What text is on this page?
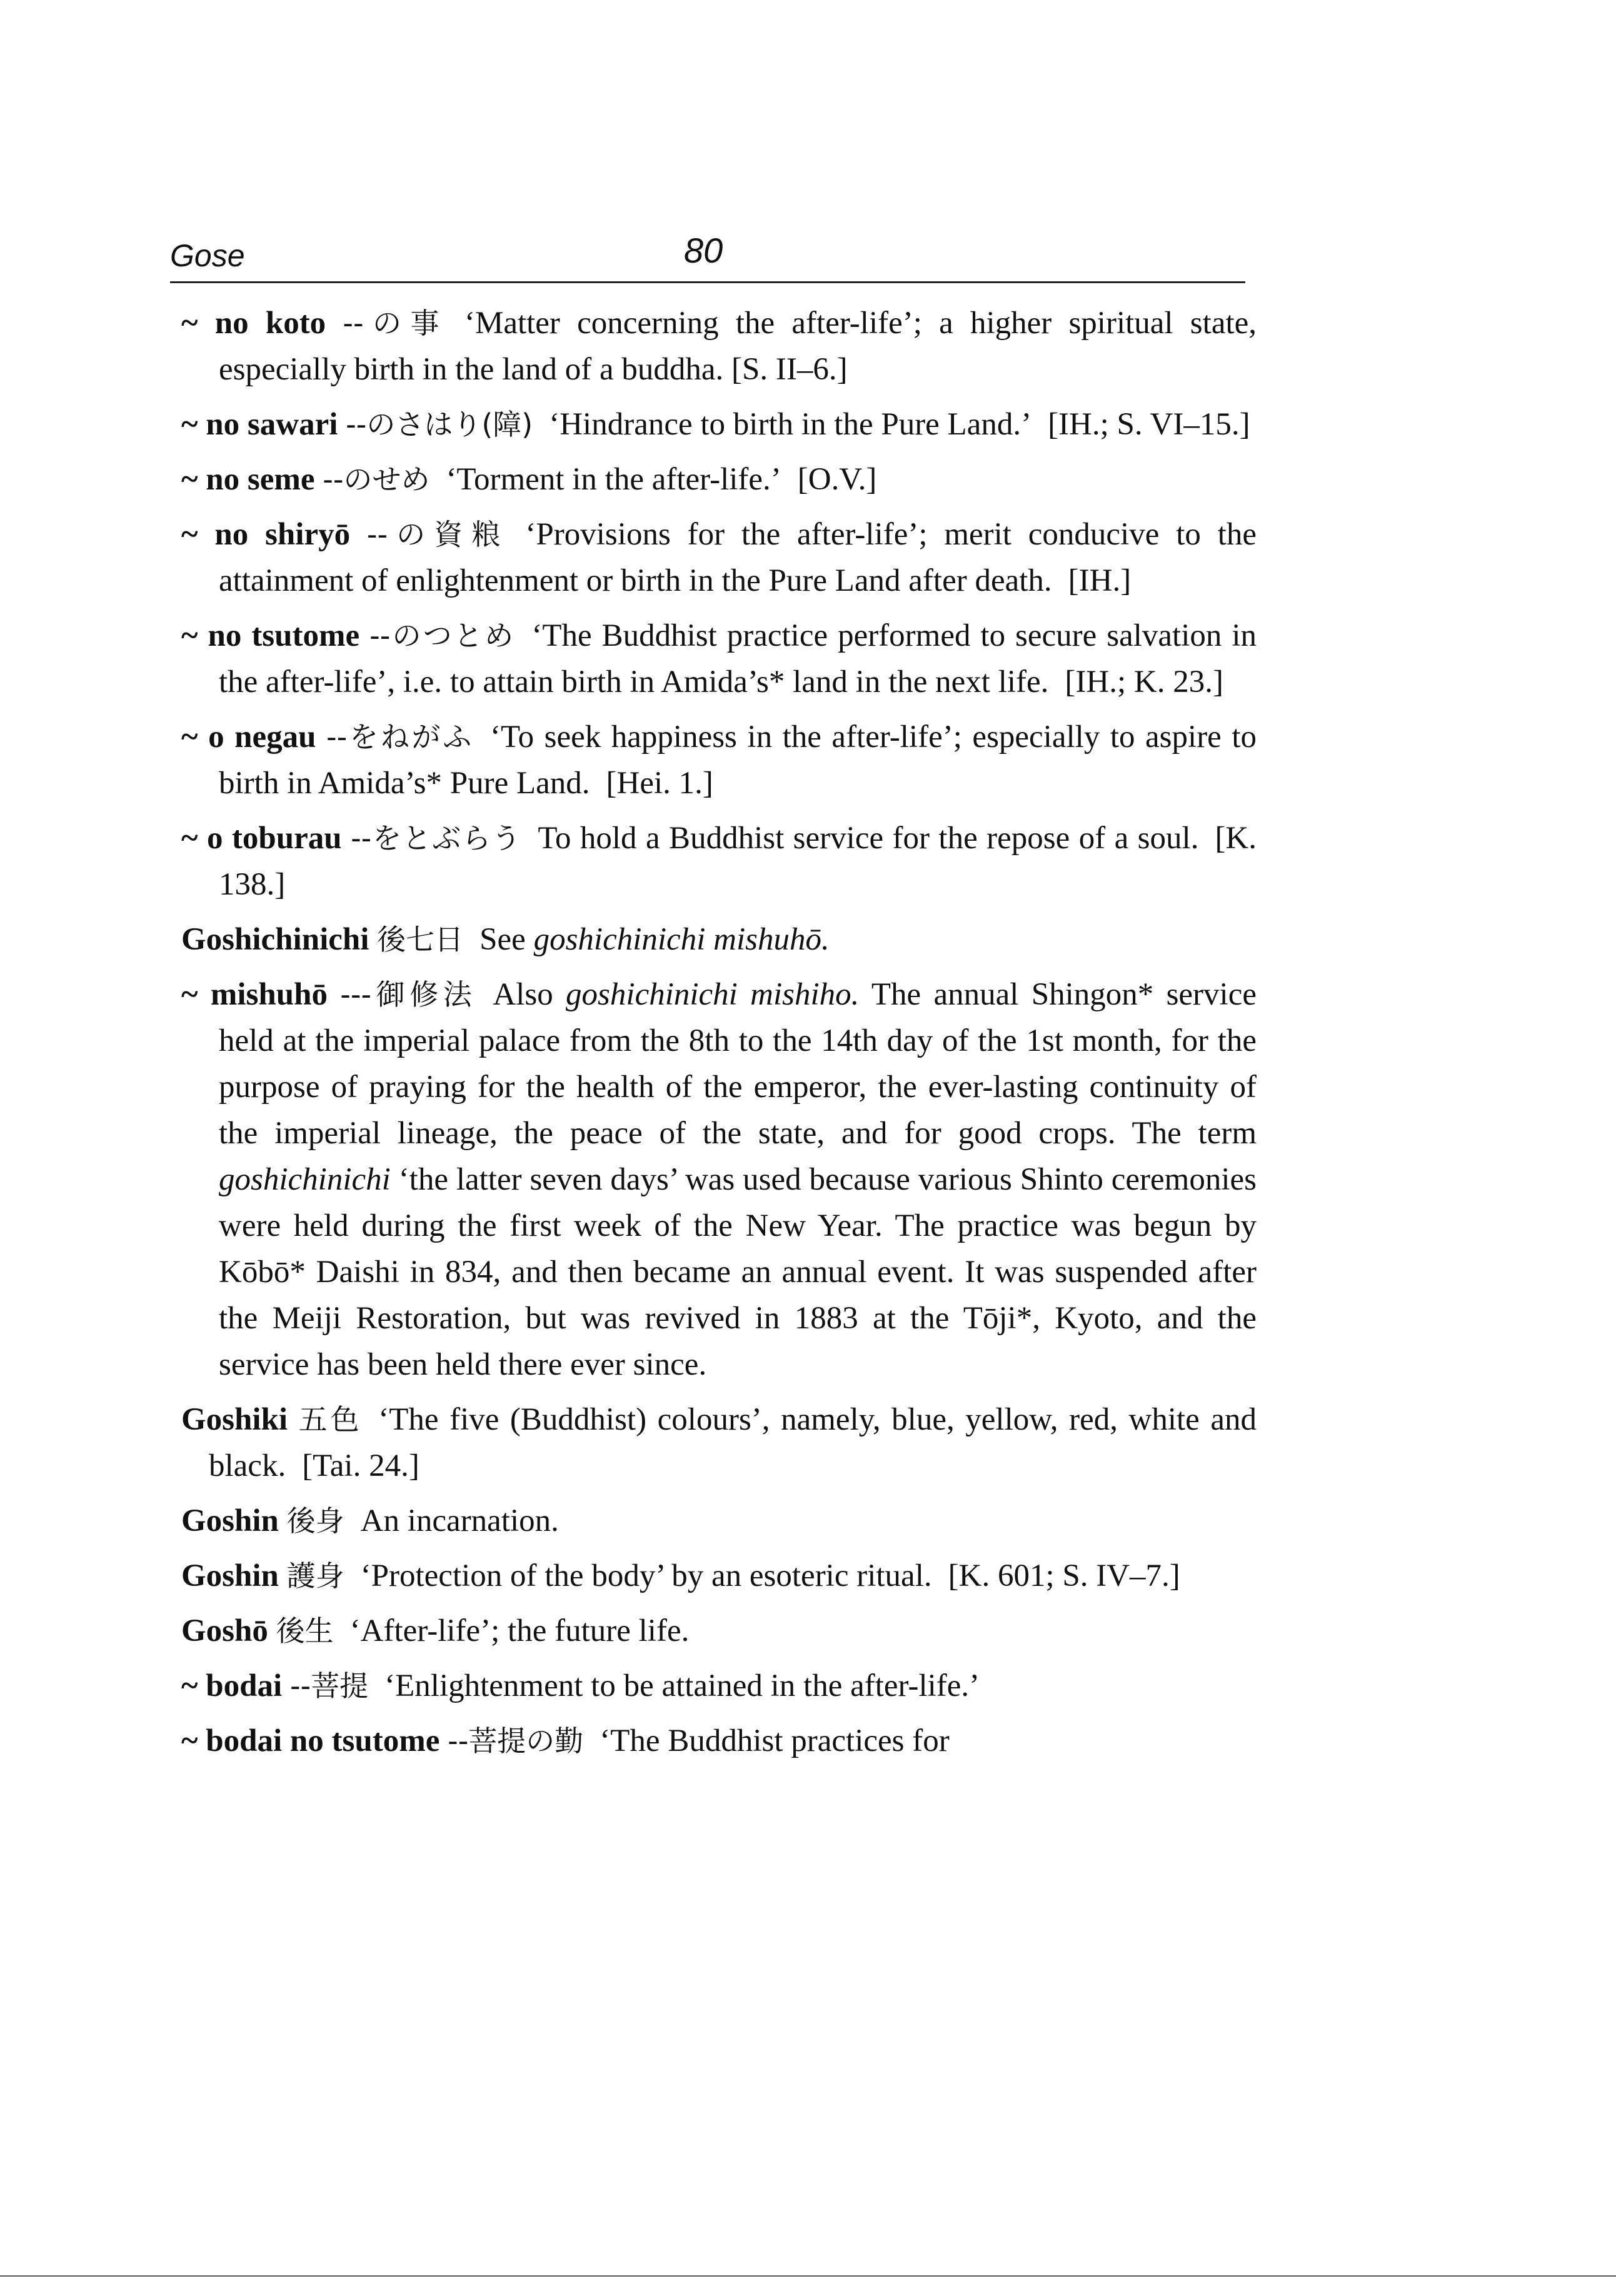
Gose	80

~ no koto --の事 ‘Matter concerning the after-life’; a higher spiritual state, especially birth in the land of a buddha. [S. II–6.]

~ no sawari --のさはり(障) ‘Hindrance to birth in the Pure Land.’ [IH.; S. VI–15.]

~ no seme --のせめ ‘Torment in the after-life.’ [O.V.]

~ no shiryō --の資粮 ‘Provisions for the after-life’; merit conducive to the attainment of enlightenment or birth in the Pure Land after death. [IH.]

~ no tsutome --のつとめ ‘The Buddhist practice performed to secure salvation in the after-life’, i.e. to attain birth in Amida’s* land in the next life. [IH.; K. 23.]

~ o negau --をねがふ ‘To seek happiness in the after-life’; especially to aspire to birth in Amida’s* Pure Land. [Hei. 1.]

~ o toburau --をとぶらう To hold a Buddhist service for the repose of a soul. [K. 138.]

Goshichinichi 後七日 See goshichinichi mishuhō.

~ mishuhō ---御修法 Also goshichinichi mishiho. The annual Shingon* service held at the imperial palace from the 8th to the 14th day of the 1st month, for the purpose of praying for the health of the emperor, the ever-lasting continuity of the imperial lineage, the peace of the state, and for good crops. The term goshichinichi ‘the latter seven days’ was used because various Shinto ceremonies were held during the first week of the New Year. The practice was begun by Kōbō* Daishi in 834, and then became an annual event. It was suspended after the Meiji Restoration, but was revived in 1883 at the Tōji*, Kyoto, and the service has been held there ever since.

Goshiki 五色 ‘The five (Buddhist) colours’, namely, blue, yellow, red, white and black. [Tai. 24.]

Goshin 後身 An incarnation.

Goshin 護身 ‘Protection of the body’ by an esoteric ritual. [K. 601; S. IV–7.]

Goshō 後生 ‘After-life’; the future life.

~ bodai --菩提 ‘Enlightenment to be attained in the after-life.’

~ bodai no tsutome --菩提の勤 ‘The Buddhist practices for
